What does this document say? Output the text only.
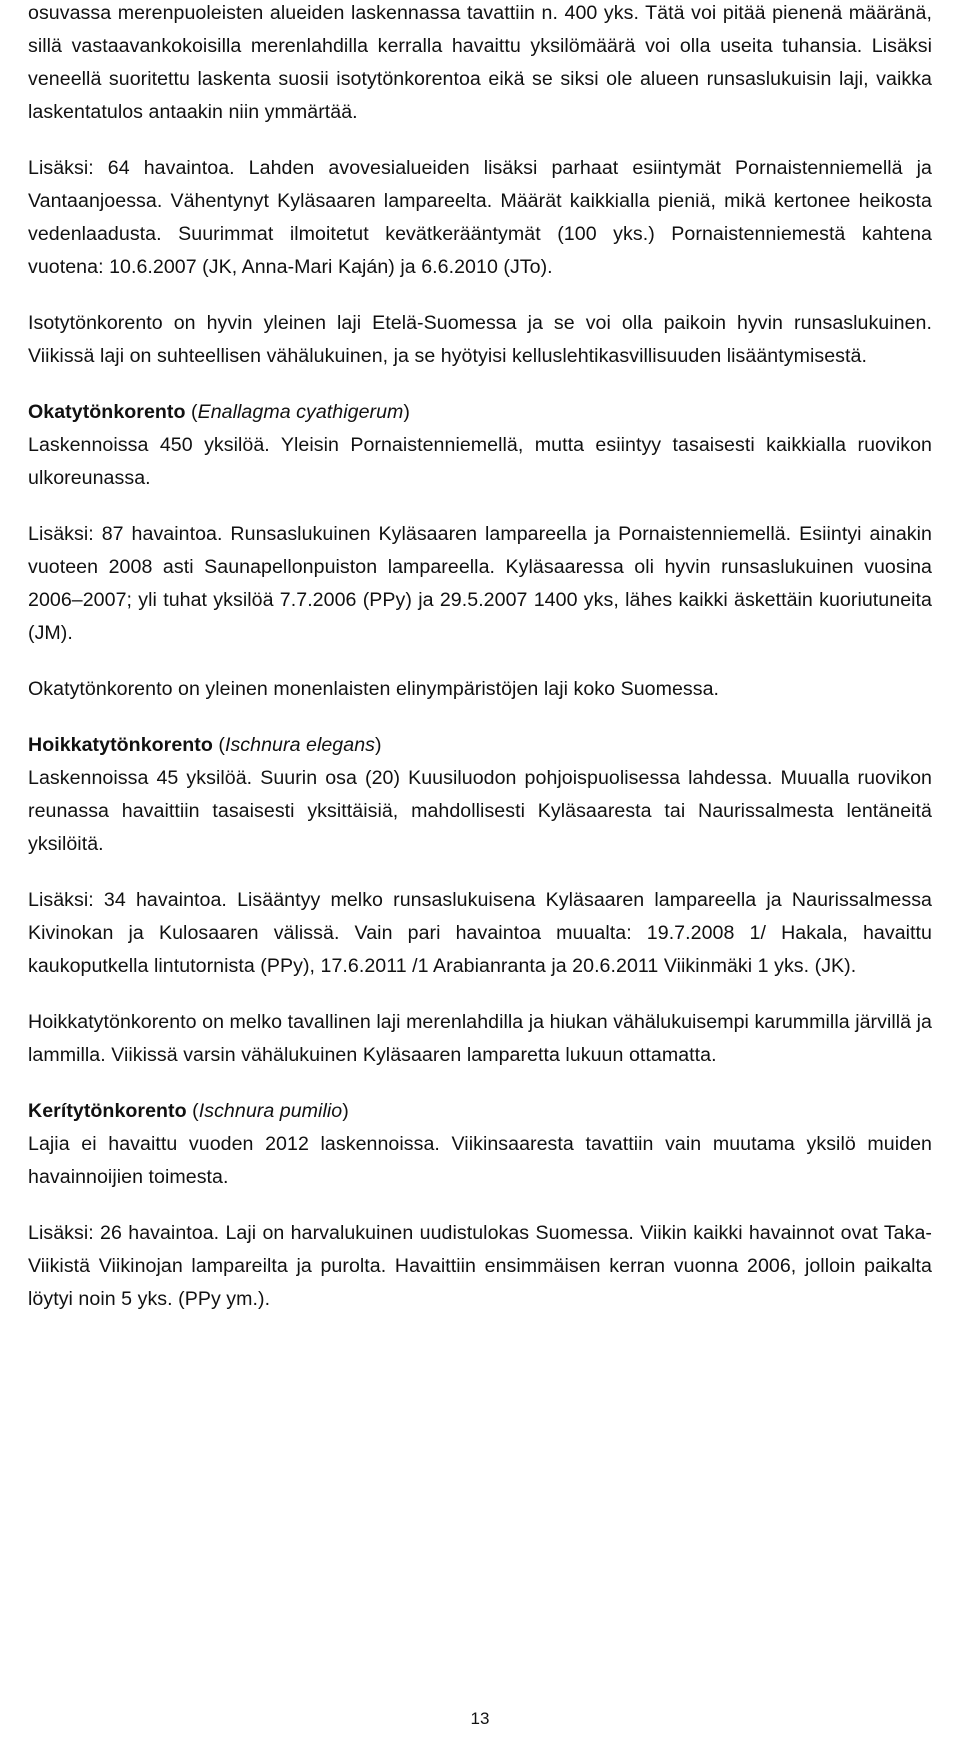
osuvassa merenpuoleisten alueiden laskennassa tavattiin n. 400 yks. Tätä voi pitää pienenä määränä, sillä vastaavankokoisilla merenlahdilla kerralla havaittu yksilömäärä voi olla useita tuhansia. Lisäksi veneellä suoritettu laskenta suosii isotytönkorentoa eikä se siksi ole alueen runsaslukuisin laji, vaikka laskentatulos antaakin niin ymmärtää.

Lisäksi: 64 havaintoa. Lahden avovesialueiden lisäksi parhaat esiintymät Pornaistenniemellä ja Vantaanjoessa. Vähentynyt Kyläsaaren lampareelta. Määrät kaikkialla pieniä, mikä kertonee heikosta vedenlaadusta. Suurimmat ilmoitetut kevätkerääntymät (100 yks.) Pornaistenniemestä kahtena vuotena: 10.6.2007 (JK, Anna-Mari Kaján) ja 6.6.2010 (JTo).

Isotytönkorento on hyvin yleinen laji Etelä-Suomessa ja se voi olla paikoin hyvin runsaslukuinen. Viikissä laji on suhteellisen vähälukuinen, ja se hyötyisi kelluslehtikasvillisuuden lisääntymisestä.

Okatytönkorento (Enallagma cyathigerum)

Laskennoissa 450 yksilöä. Yleisin Pornaistenniemellä, mutta esiintyy tasaisesti kaikkialla ruovikon ulkoreunassa.

Lisäksi: 87 havaintoa. Runsaslukuinen Kyläsaaren lampareella ja Pornaistenniemellä. Esiintyi ainakin vuoteen 2008 asti Saunapellonpuiston lampareella. Kyläsaaressa oli hyvin runsaslukuinen vuosina 2006–2007; yli tuhat yksilöä 7.7.2006 (PPy) ja 29.5.2007 1400 yks, lähes kaikki äskettäin kuoriutuneita (JM).

Okatytönkorento on yleinen monenlaisten elinympäristöjen laji koko Suomessa.

Hoikkatytönkorento (Ischnura elegans)

Laskennoissa 45 yksilöä. Suurin osa (20) Kuusiluodon pohjoispuolisessa lahdessa. Muualla ruovikon reunassa havaittiin tasaisesti yksittäisiä, mahdollisesti Kyläsaaresta tai Naurissalmesta lentäneitä yksilöitä.

Lisäksi: 34 havaintoa. Lisääntyy melko runsaslukuisena Kyläsaaren lampareella ja Naurissalmessa Kivinokan ja Kulosaaren välissä. Vain pari havaintoa muualta: 19.7.2008 1/ Hakala, havaittu kaukoputkella lintutornista (PPy), 17.6.2011 /1 Arabianranta ja 20.6.2011 Viikinmäki 1 yks. (JK).

Hoikkatytönkorento on melko tavallinen laji merenlahdilla ja hiukan vähälukuisempi karummilla järvillä ja lammilla. Viikissä varsin vähälukuinen Kyläsaaren lamparetta lukuun ottamatta.

Kerítytönkorento (Ischnura pumilio)

Lajia ei havaittu vuoden 2012 laskennoissa. Viikinsaaresta tavattiin vain muutama yksilö muiden havainnoijien toimesta.

Lisäksi: 26 havaintoa. Laji on harvalukuinen uudistulokas Suomessa. Viikin kaikki havainnot ovat Taka-Viikistä Viikinojan lampareilta ja purolta. Havaittiin ensimmäisen kerran vuonna 2006, jolloin paikalta löytyi noin 5 yks. (PPy ym.).

13
